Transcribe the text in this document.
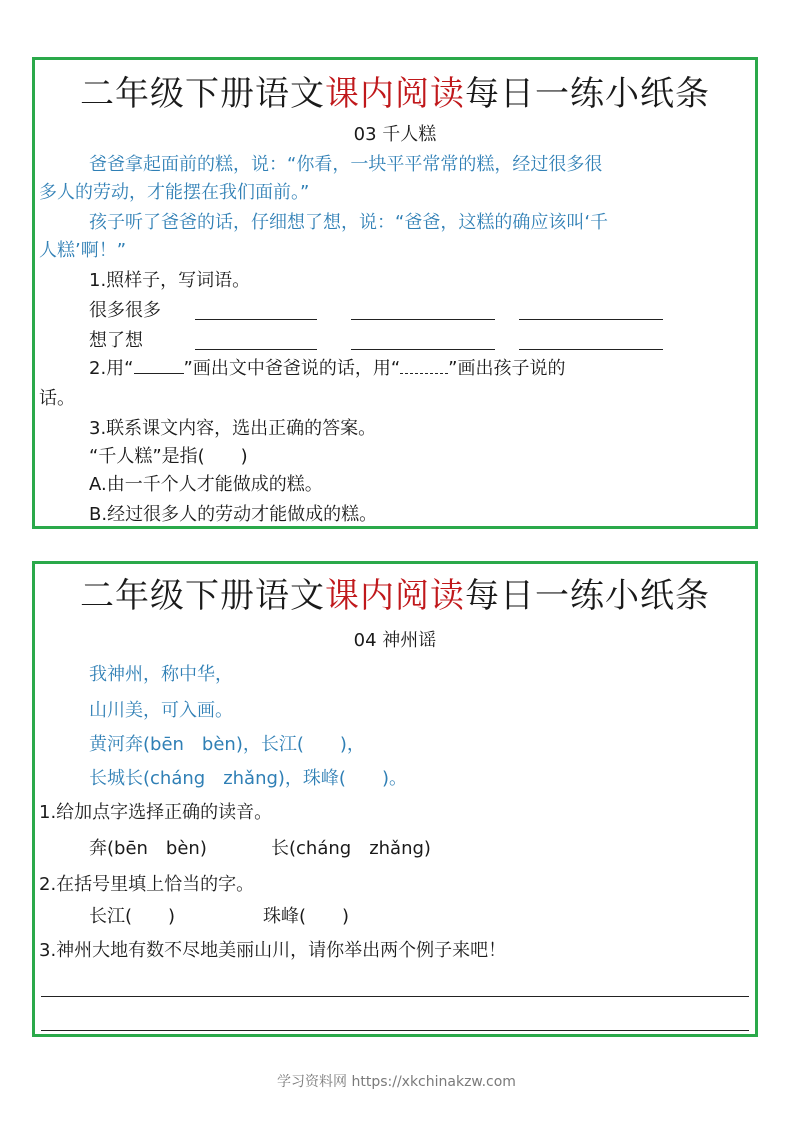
二年级下册语文课内阅读每日一练小纸条
03 千人糕
爸爸拿起面前的糕，说：“你看，一块平平常常的糕，经过很多很
多人的劳动，才能摆在我们面前。”
孩子听了爸爸的话，仔细想了想，说：“爸爸，这糕的确应该叫‘千
人糕’啊！”
1.照样子，写词语。
很多很多
想了想
2.用“	”画出文中爸爸说的话，用“	”画出孩子说的
话。
3.联系课文内容，选出正确的答案。
“千人糕”是指(　　)
A.由一千个人才能做成的糕。
B.经过很多人的劳动才能做成的糕。
二年级下册语文课内阅读每日一练小纸条
04 神州谣
我神州，称中华，
山川美，可入画。
黄河奔(bēn　bèn)，长江(　　)，
长城长(cháng　zhǎng)，珠峰(　　)。
1.给加点字选择正确的读音。
奔(bēn　bèn)	长(cháng　zhǎng)
2.在括号里填上恰当的字。
长江(　　)	珠峰(　　)
3.神州大地有数不尽地美丽山川，请你举出两个例子来吧！
学习资料网 https://xkchinakzw.com
